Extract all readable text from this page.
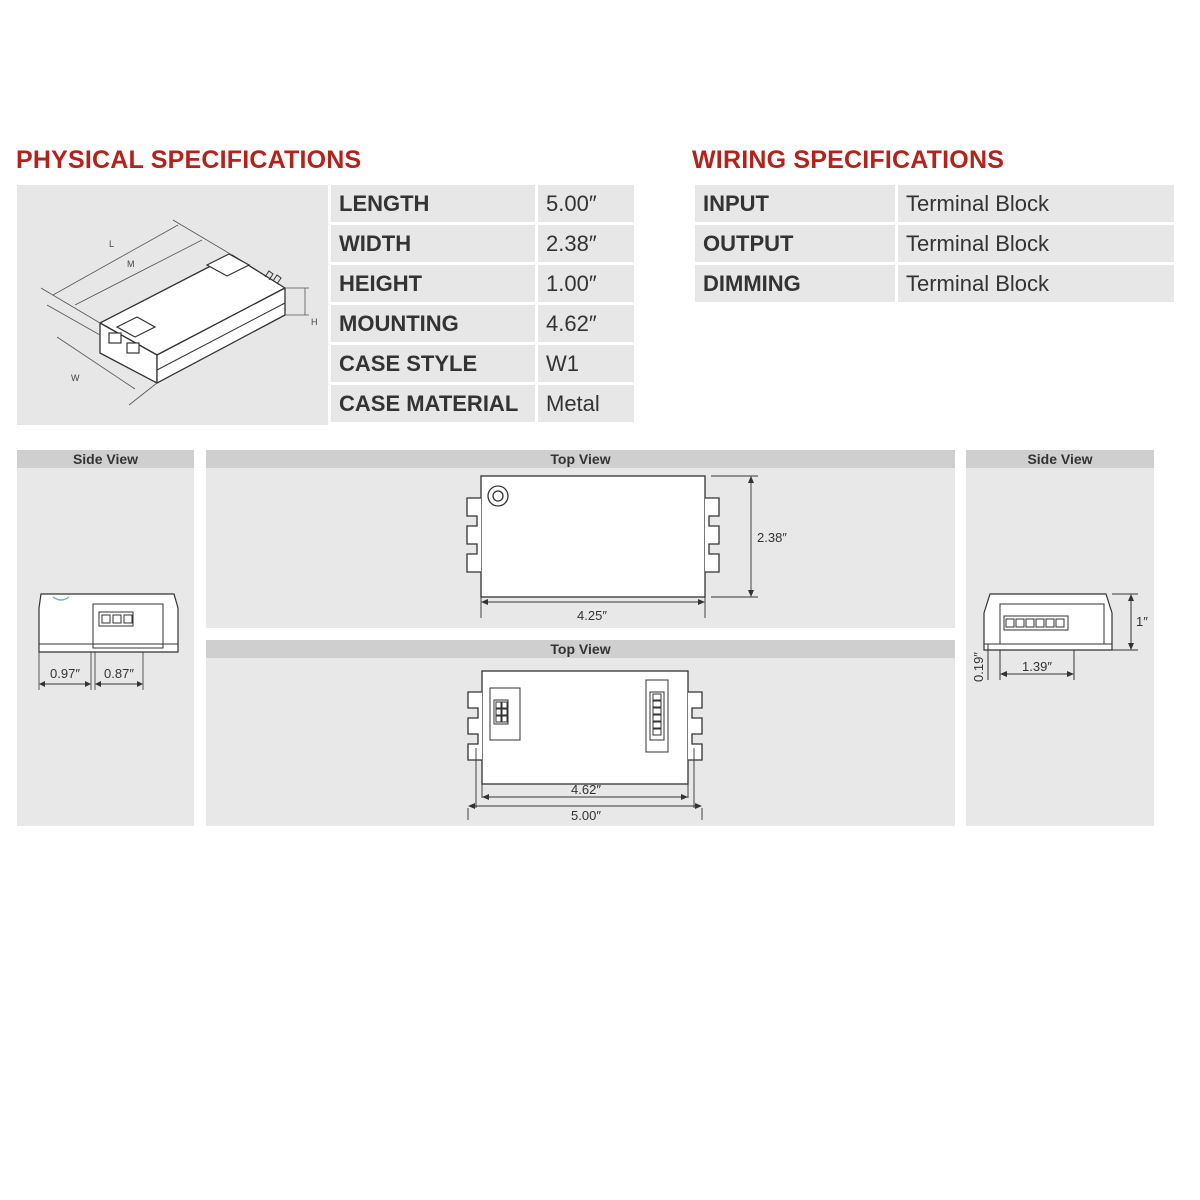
PHYSICAL SPECIFICATIONS	WIRING SPECIFICATIONS
L
M
H
W
LENGTH	5.00″
WIDTH	2.38″
HEIGHT	1.00″
MOUNTING	4.62″
CASE STYLE	W1
CASE MATERIAL	Metal
INPUT	Terminal Block
OUTPUT	Terminal Block
DIMMING	Terminal Block
Side View
0.97″ 0.87″
Top View
2.38″
4.25″
Top View
4.62″
5.00″
Side View
1″
1.39″
0.19″
